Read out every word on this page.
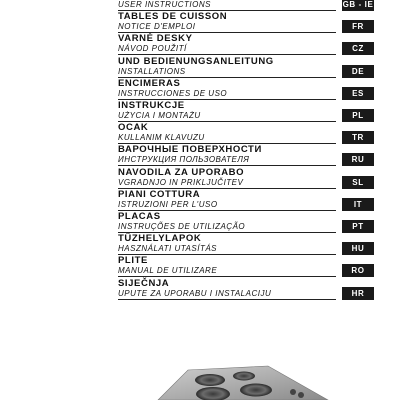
USER INSTRUCTIONS	GB - IE
TABLES DE CUISSON
NOTICE D'EMPLOI	FR
VARNÉ DESKY
NÁVOD POUŽITÍ	CZ
UND BEDIENUNGSANLEITUNG
INSTALLATIONS	DE
ENCIMERAS
INSTRUCCIONES DE USO	ES
INSTRUKCJE
UŻYCIA I MONTAŻU	PL
OCAK
KULLANIM KLAVUZU	TR
ВАРОЧНЫЕ ПОВЕРХНОСТИ
ИНСТРУКЦИЯ ПОЛЬЗОВАТЕЛЯ	RU
NAVODILA ZA UPORABO
VGRADNJO IN PRIKLJUČITEV	SL
PIANI COTTURA
ISTRUZIONI PER L'USO	IT
PLACAS
INSTRUÇÕES DE UTILIZAÇÃO	PT
TŰZHELYLAPOK
HASZNÁLATI UTASÍTÁS	HU
PLITE
MANUAL DE UTILIZARE	RO
SIJEČNJA
UPUTE ZA UPORABU I INSTALACIJU	HR
